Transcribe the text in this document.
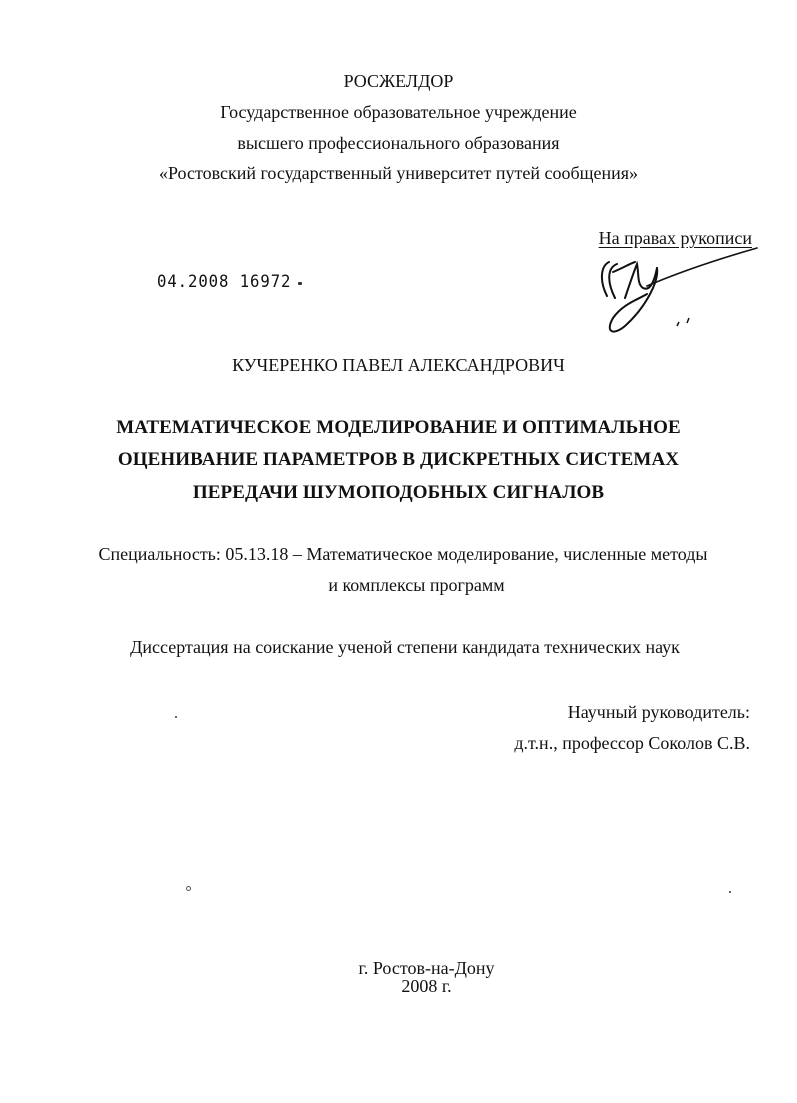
РОСЖЕЛДОР
Государственное образовательное учреждение
высшего профессионального образования
«Ростовский государственный университет путей сообщения»
На правах рукописи
04.2008 16972
КУЧЕРЕНКО ПАВЕЛ АЛЕКСАНДРОВИЧ
МАТЕМАТИЧЕСКОЕ МОДЕЛИРОВАНИЕ И ОПТИМАЛЬНОЕ
ОЦЕНИВАНИЕ ПАРАМЕТРОВ В ДИСКРЕТНЫХ СИСТЕМАХ
ПЕРЕДАЧИ ШУМОПОДОБНЫХ СИГНАЛОВ
Специальность: 05.13.18 – Математическое моделирование, численные методы
и комплексы программ
Диссертация на соискание ученой степени кандидата технических наук
Научный руководитель:
д.т.н., профессор Соколов С.В.
г. Ростов-на-Дону
2008 г.
